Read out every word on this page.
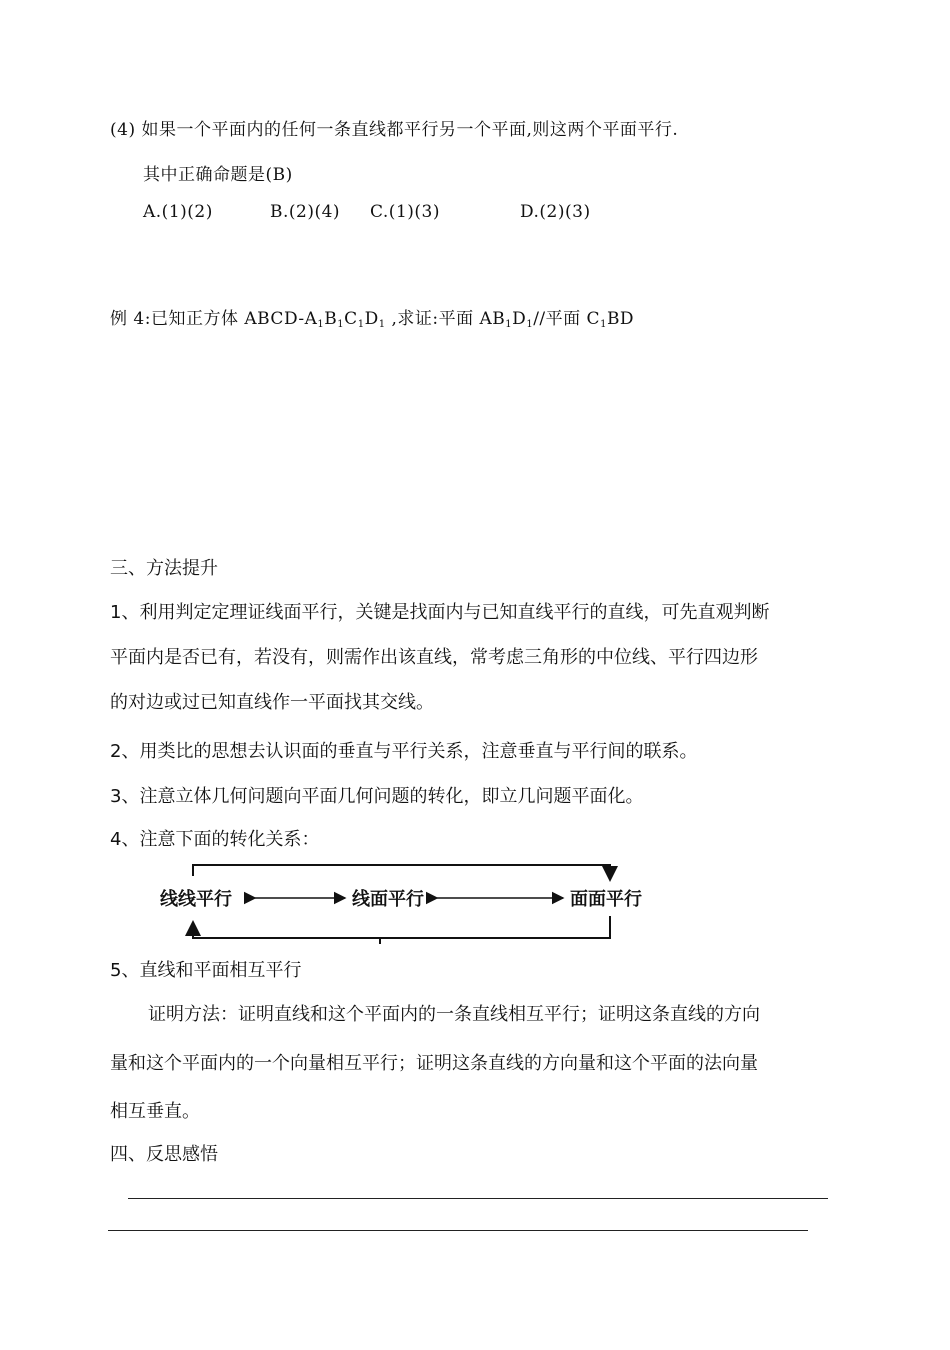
(4) 如果一个平面内的任何一条直线都平行另一个平面,则这两个平面平行.
其中正确命题是(B)
A.(1)(2)	B.(2)(4) C.(1)(3)	D.(2)(3)
例 4:已知正方体 ABCD-$A_1B_1C_1D_1$ ,求证:平面 $AB_1D_1//$平面 $C_1BD$
三、方法提升
1、利用判定定理证线面平行，关键是找面内与已知直线平行的直线，可先直观判断
平面内是否已有，若没有，则需作出该直线，常考虑三角形的中位线、平行四边形
的对边或过已知直线作一平面找其交线。
2、用类比的思想去认识面的垂直与平行关系，注意垂直与平行间的联系。
3、注意立体几何问题向平面几何问题的转化，即立几问题平面化。
4、注意下面的转化关系：
线线平行	线面平行	面面平行
5、直线和平面相互平行
证明方法：证明直线和这个平面内的一条直线相互平行；证明这条直线的方向
量和这个平面内的一个向量相互平行；证明这条直线的方向量和这个平面的法向量
相互垂直。
四、反思感悟
